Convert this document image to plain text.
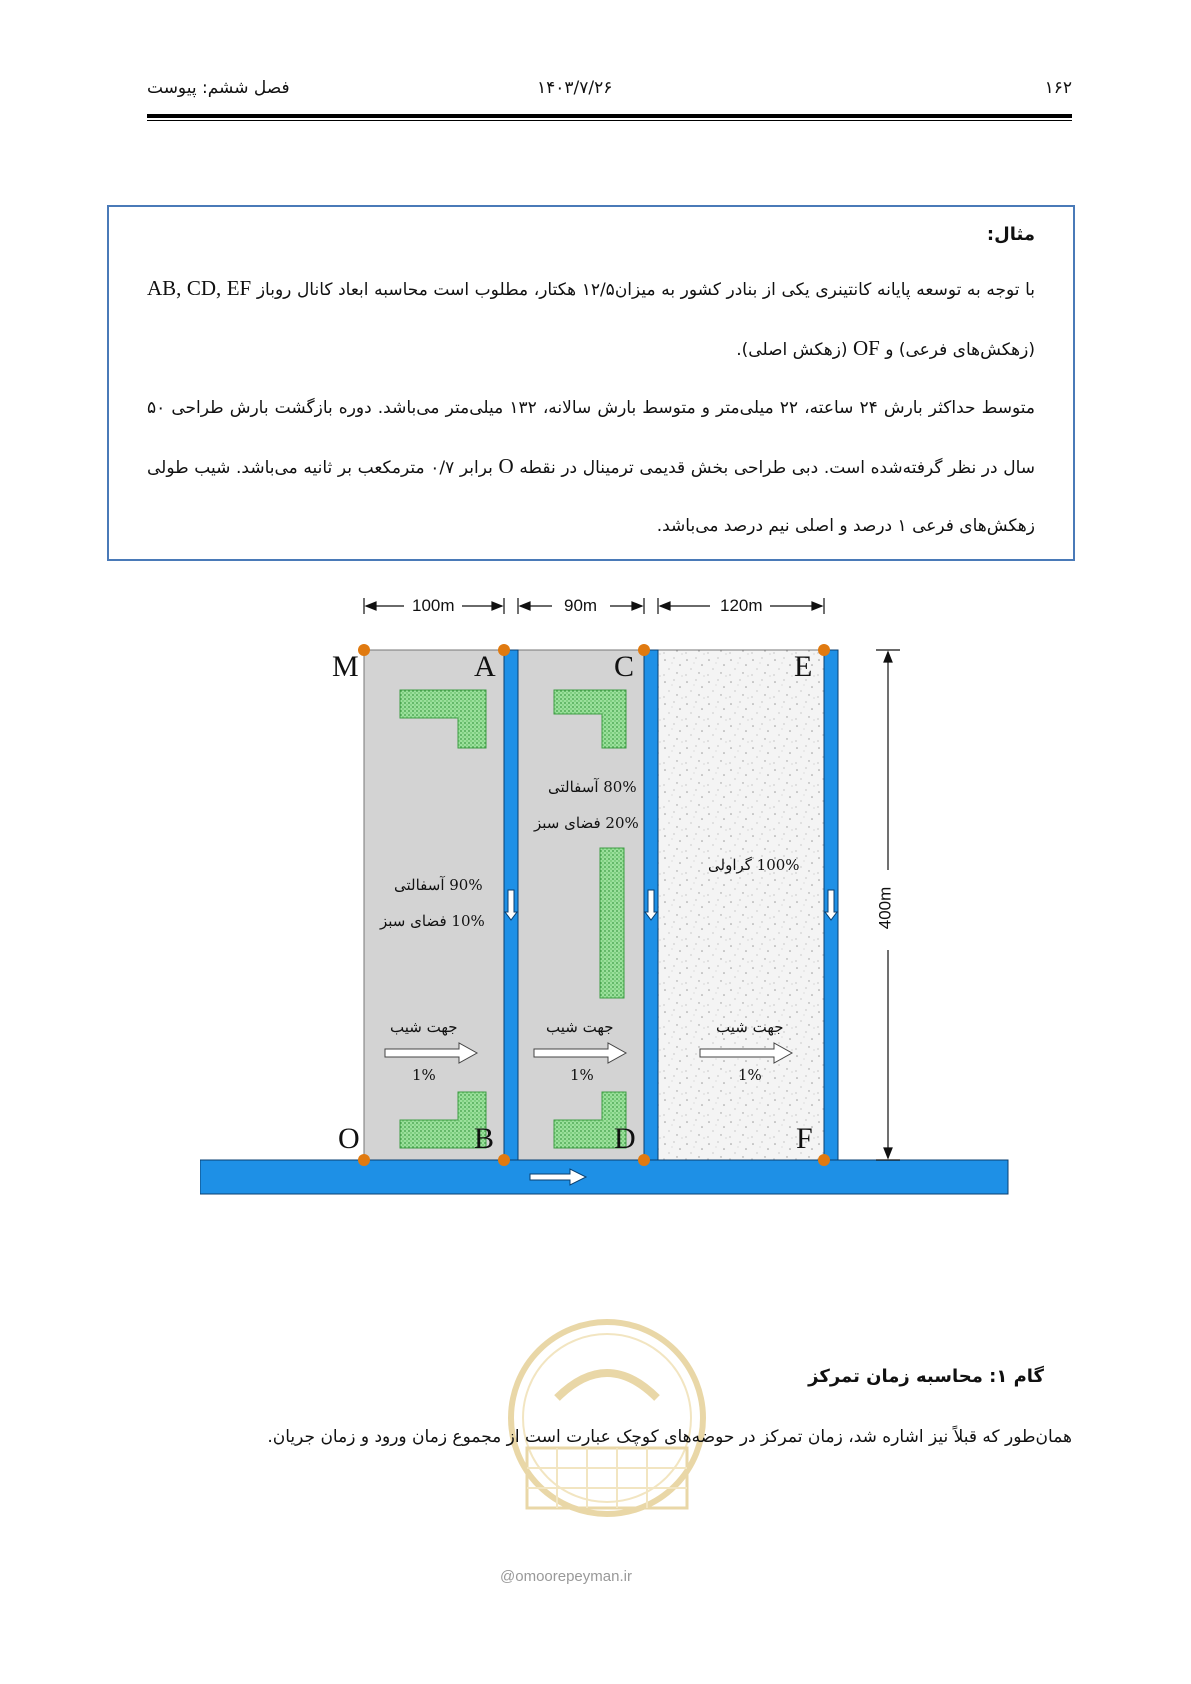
۱۶۲
۱۴۰۳/۷/۲۶
فصل ششم: پیوست
مثال:

با توجه به توسعه پایانه کانتینری یکی از بنادر کشور به میزان۱۲/۵ هکتار، مطلوب است محاسبه ابعاد کانال روباز AB, CD, EF (زهکش‌های فرعی) و OF (زهکش اصلی).

متوسط حداکثر بارش ۲۴ ساعته، ۲۲ میلی‌متر و متوسط بارش سالانه، ۱۳۲ میلی‌متر می‌باشد. دوره بازگشت بارش طراحی ۵۰ سال در نظر گرفته‌شده است. دبی طراحی بخش قدیمی ترمینال در نقطه O برابر ۰/۷ مترمکعب بر ثانیه می‌باشد. شیب طولی زهکش‌های فرعی ۱ درصد و اصلی نیم درصد می‌باشد.

100m	90m	120m
400m
M	A	C	E
O	B	D	F
90% آسفالتی
10% فضای سبز
80% آسفالتی
20% فضای سبز
100% گراولی
جهت شیب
1%
جهت شیب
1%
جهت شیب
1%
@omoorepeyman.ir
گام ۱: محاسبه زمان تمرکز

همان‌طور که قبلاً نیز اشاره شد، زمان تمرکز در حوضه‌های کوچک عبارت است از مجموع زمان ورود و زمان جریان.
